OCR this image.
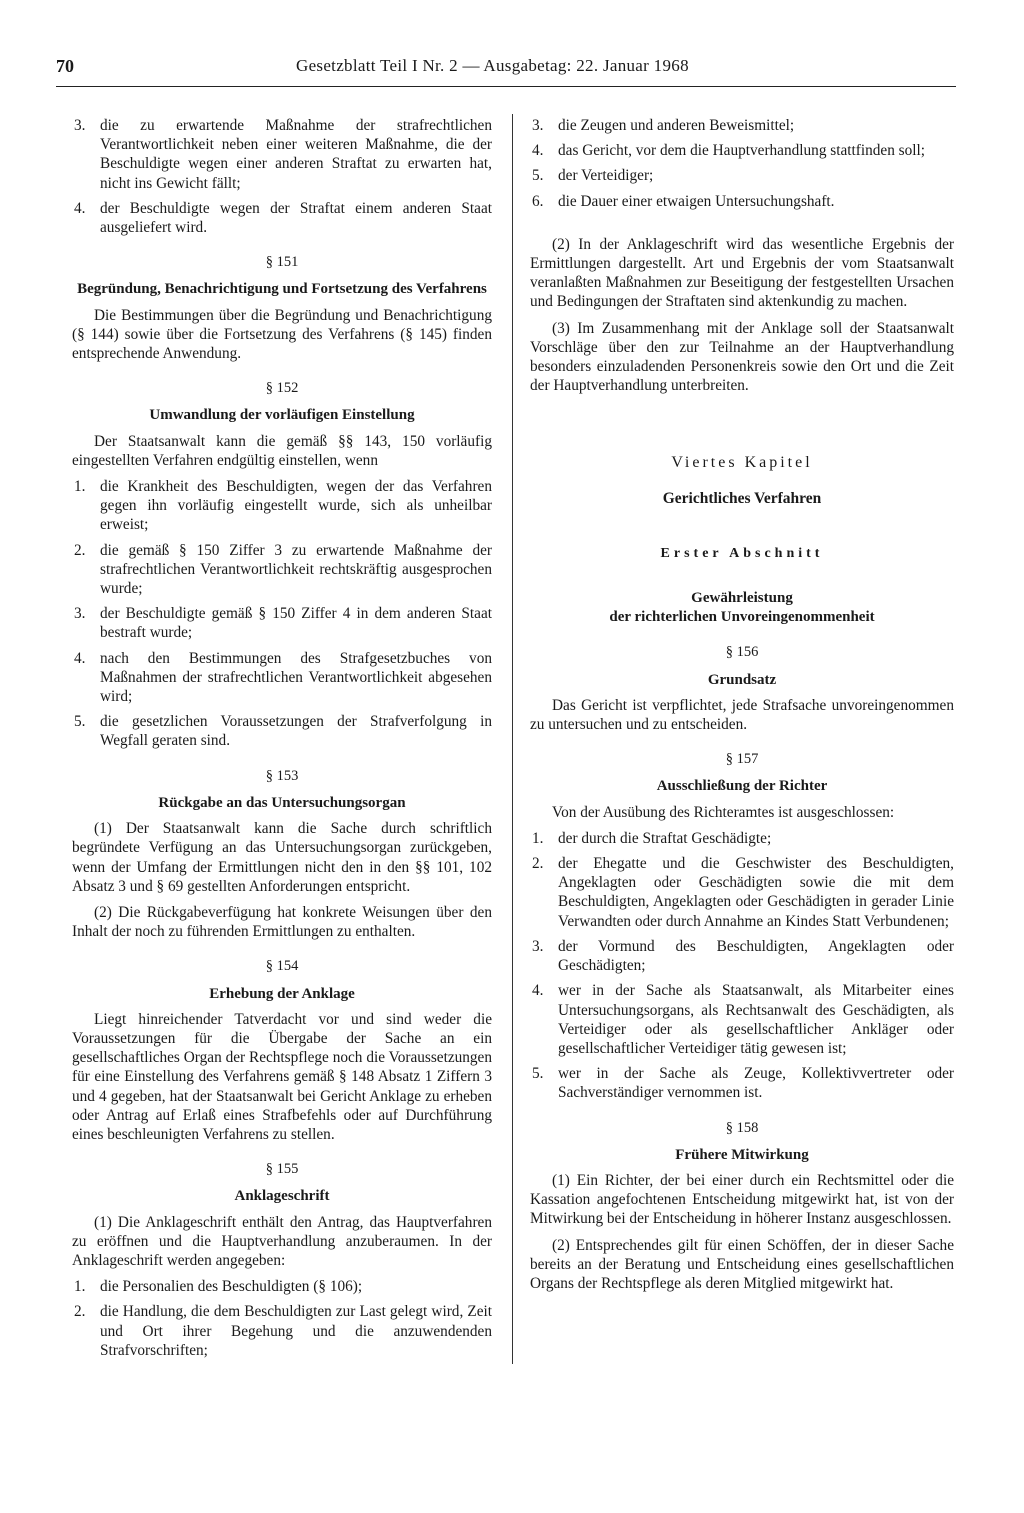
70	Gesetzblatt Teil I Nr. 2 — Ausgabetag: 22. Januar 1968
3. die zu erwartende Maßnahme der strafrechtlichen Verantwortlichkeit neben einer weiteren Maßnahme, die der Beschuldigte wegen einer anderen Straftat zu erwarten hat, nicht ins Gewicht fällt;
4. der Beschuldigte wegen der Straftat einem anderen Staat ausgeliefert wird.
§ 151
Begründung, Benachrichtigung und Fortsetzung des Verfahrens

Die Bestimmungen über die Begründung und Benachrichtigung (§ 144) sowie über die Fortsetzung des Verfahrens (§ 145) finden entsprechende Anwendung.

§ 152
Umwandlung der vorläufigen Einstellung

Der Staatsanwalt kann die gemäß §§ 143, 150 vorläufig eingestellten Verfahren endgültig einstellen, wenn

1. die Krankheit des Beschuldigten, wegen der das Verfahren gegen ihn vorläufig eingestellt wurde, sich als unheilbar erweist;
2. die gemäß § 150 Ziffer 3 zu erwartende Maßnahme der strafrechtlichen Verantwortlichkeit rechtskräftig ausgesprochen wurde;
3. der Beschuldigte gemäß § 150 Ziffer 4 in dem anderen Staat bestraft wurde;
4. nach den Bestimmungen des Strafgesetzbuches von Maßnahmen der strafrechtlichen Verantwortlichkeit abgesehen wird;
5. die gesetzlichen Voraussetzungen der Strafverfolgung in Wegfall geraten sind.
§ 153
Rückgabe an das Untersuchungsorgan

(1) Der Staatsanwalt kann die Sache durch schriftlich begründete Verfügung an das Untersuchungsorgan zurückgeben, wenn der Umfang der Ermittlungen nicht den in den §§ 101, 102 Absatz 3 und § 69 gestellten Anforderungen entspricht.

(2) Die Rückgabeverfügung hat konkrete Weisungen über den Inhalt der noch zu führenden Ermittlungen zu enthalten.

§ 154
Erhebung der Anklage

Liegt hinreichender Tatverdacht vor und sind weder die Voraussetzungen für die Übergabe der Sache an ein gesellschaftliches Organ der Rechtspflege noch die Voraussetzungen für eine Einstellung des Verfahrens gemäß § 148 Absatz 1 Ziffern 3 und 4 gegeben, hat der Staatsanwalt bei Gericht Anklage zu erheben oder Antrag auf Erlaß eines Strafbefehls oder auf Durchführung eines beschleunigten Verfahrens zu stellen.

§ 155
Anklageschrift

(1) Die Anklageschrift enthält den Antrag, das Hauptverfahren zu eröffnen und die Hauptverhandlung anzuberaumen. In der Anklageschrift werden angegeben:

1. die Personalien des Beschuldigten (§ 106);
2. die Handlung, die dem Beschuldigten zur Last gelegt wird, Zeit und Ort ihrer Begehung und die anzuwendenden Strafvorschriften;
3. die Zeugen und anderen Beweismittel;
4. das Gericht, vor dem die Hauptverhandlung stattfinden soll;
5. der Verteidiger;
6. die Dauer einer etwaigen Untersuchungshaft.

(2) In der Anklageschrift wird das wesentliche Ergebnis der Ermittlungen dargestellt. Art und Ergebnis der vom Staatsanwalt veranlaßten Maßnahmen zur Beseitigung der festgestellten Ursachen und Bedingungen der Straftaten sind aktenkundig zu machen.

(3) Im Zusammenhang mit der Anklage soll der Staatsanwalt Vorschläge über den zur Teilnahme an der Hauptverhandlung besonders einzuladenden Personenkreis sowie den Ort und die Zeit der Hauptverhandlung unterbreiten.

Viertes Kapitel
Gerichtliches Verfahren
Erster Abschnitt
Gewährleistung
der richterlichen Unvoreingenommenheit
§ 156
Grundsatz

Das Gericht ist verpflichtet, jede Strafsache unvoreingenommen zu untersuchen und zu entscheiden.

§ 157
Ausschließung der Richter

Von der Ausübung des Richteramtes ist ausgeschlossen:

1. der durch die Straftat Geschädigte;
2. der Ehegatte und die Geschwister des Beschuldigten, Angeklagten oder Geschädigten sowie die mit dem Beschuldigten, Angeklagten oder Geschädigten in gerader Linie Verwandten oder durch Annahme an Kindes Statt Verbundenen;
3. der Vormund des Beschuldigten, Angeklagten oder Geschädigten;
4. wer in der Sache als Staatsanwalt, als Mitarbeiter eines Untersuchungsorgans, als Rechtsanwalt des Geschädigten, als Verteidiger oder als gesellschaftlicher Ankläger oder gesellschaftlicher Verteidiger tätig gewesen ist;
5. wer in der Sache als Zeuge, Kollektivvertreter oder Sachverständiger vernommen ist.
§ 158
Frühere Mitwirkung

(1) Ein Richter, der bei einer durch ein Rechtsmittel oder die Kassation angefochtenen Entscheidung mitgewirkt hat, ist von der Mitwirkung bei der Entscheidung in höherer Instanz ausgeschlossen.

(2) Entsprechendes gilt für einen Schöffen, der in dieser Sache bereits an der Beratung und Entscheidung eines gesellschaftlichen Organs der Rechtspflege als deren Mitglied mitgewirkt hat.
